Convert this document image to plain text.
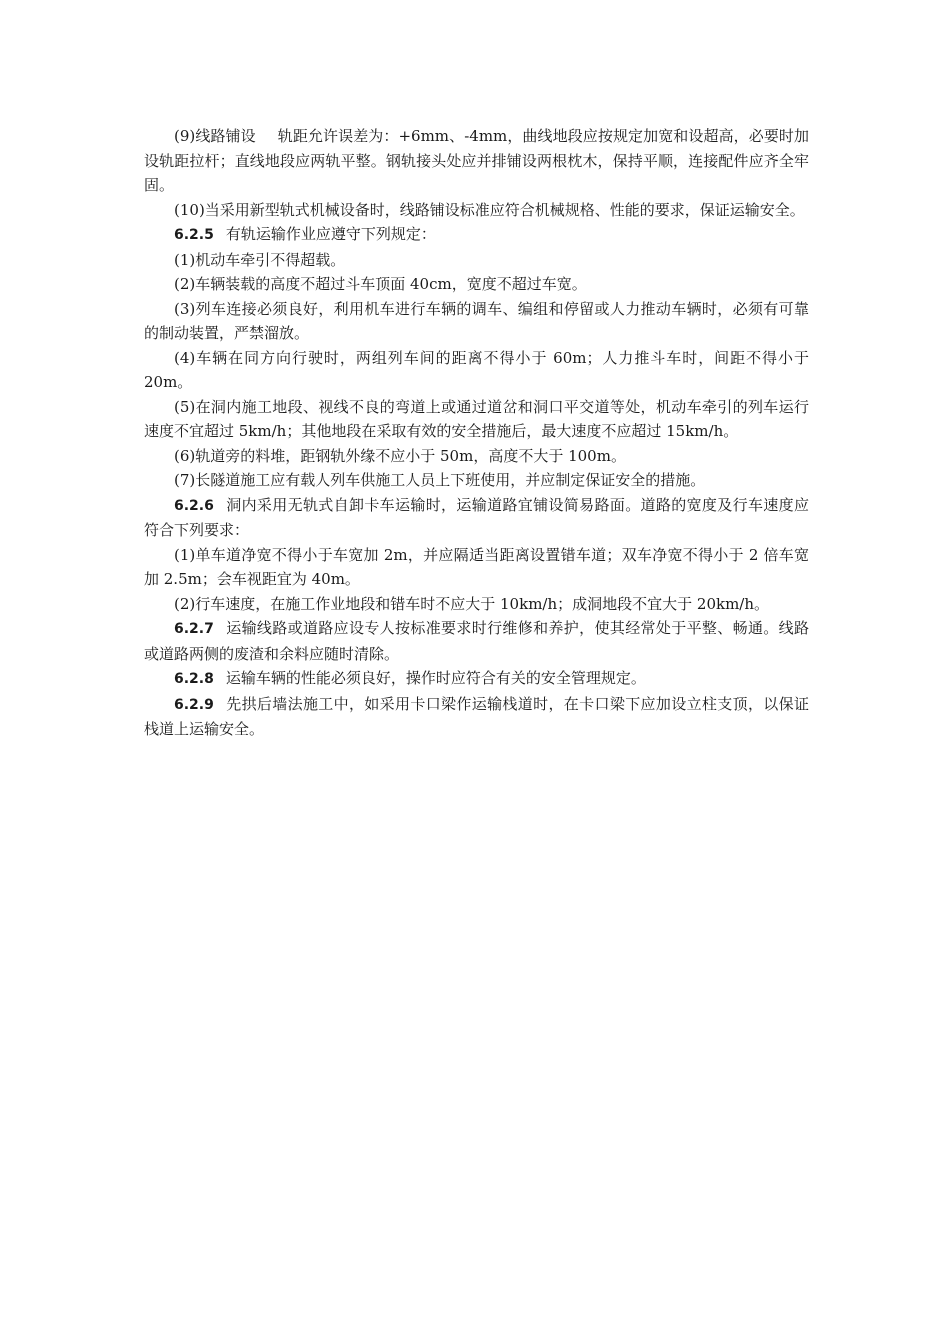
(9)线路铺设 轨距允许误差为：+6mm、-4mm，曲线地段应按规定加宽和设超高，必要时加设轨距拉杆；直线地段应两轨平整。钢轨接头处应并排铺设两根枕木，保持平顺，连接配件应齐全牢固。

(10)当采用新型轨式机械设备时，线路铺设标准应符合机械规格、性能的要求，保证运输安全。

6.2.5 有轨运输作业应遵守下列规定：

(1)机动车牵引不得超载。

(2)车辆装载的高度不超过斗车顶面 40cm，宽度不超过车宽。

(3)列车连接必须良好，利用机车进行车辆的调车、编组和停留或人力推动车辆时，必须有可靠的制动装置，严禁溜放。

(4)车辆在同方向行驶时，两组列车间的距离不得小于 60m；人力推斗车时，间距不得小于 20m。

(5)在洞内施工地段、视线不良的弯道上或通过道岔和洞口平交道等处，机动车牵引的列车运行速度不宜超过 5km/h；其他地段在采取有效的安全措施后，最大速度不应超过 15km/h。

(6)轨道旁的料堆，距钢轨外缘不应小于 50m，高度不大于 100m。

(7)长隧道施工应有载人列车供施工人员上下班使用，并应制定保证安全的措施。

6.2.6 洞内采用无轨式自卸卡车运输时，运输道路宜铺设简易路面。道路的宽度及行车速度应符合下列要求：

(1)单车道净宽不得小于车宽加 2m，并应隔适当距离设置错车道；双车净宽不得小于 2 倍车宽加 2.5m；会车视距宜为 40m。

(2)行车速度，在施工作业地段和错车时不应大于 10km/h；成洞地段不宜大于 20km/h。

6.2.7 运输线路或道路应设专人按标准要求时行维修和养护，使其经常处于平整、畅通。线路或道路两侧的废渣和余料应随时清除。

6.2.8 运输车辆的性能必须良好，操作时应符合有关的安全管理规定。

6.2.9 先拱后墙法施工中，如采用卡口梁作运输栈道时，在卡口梁下应加设立柱支顶，以保证栈道上运输安全。
